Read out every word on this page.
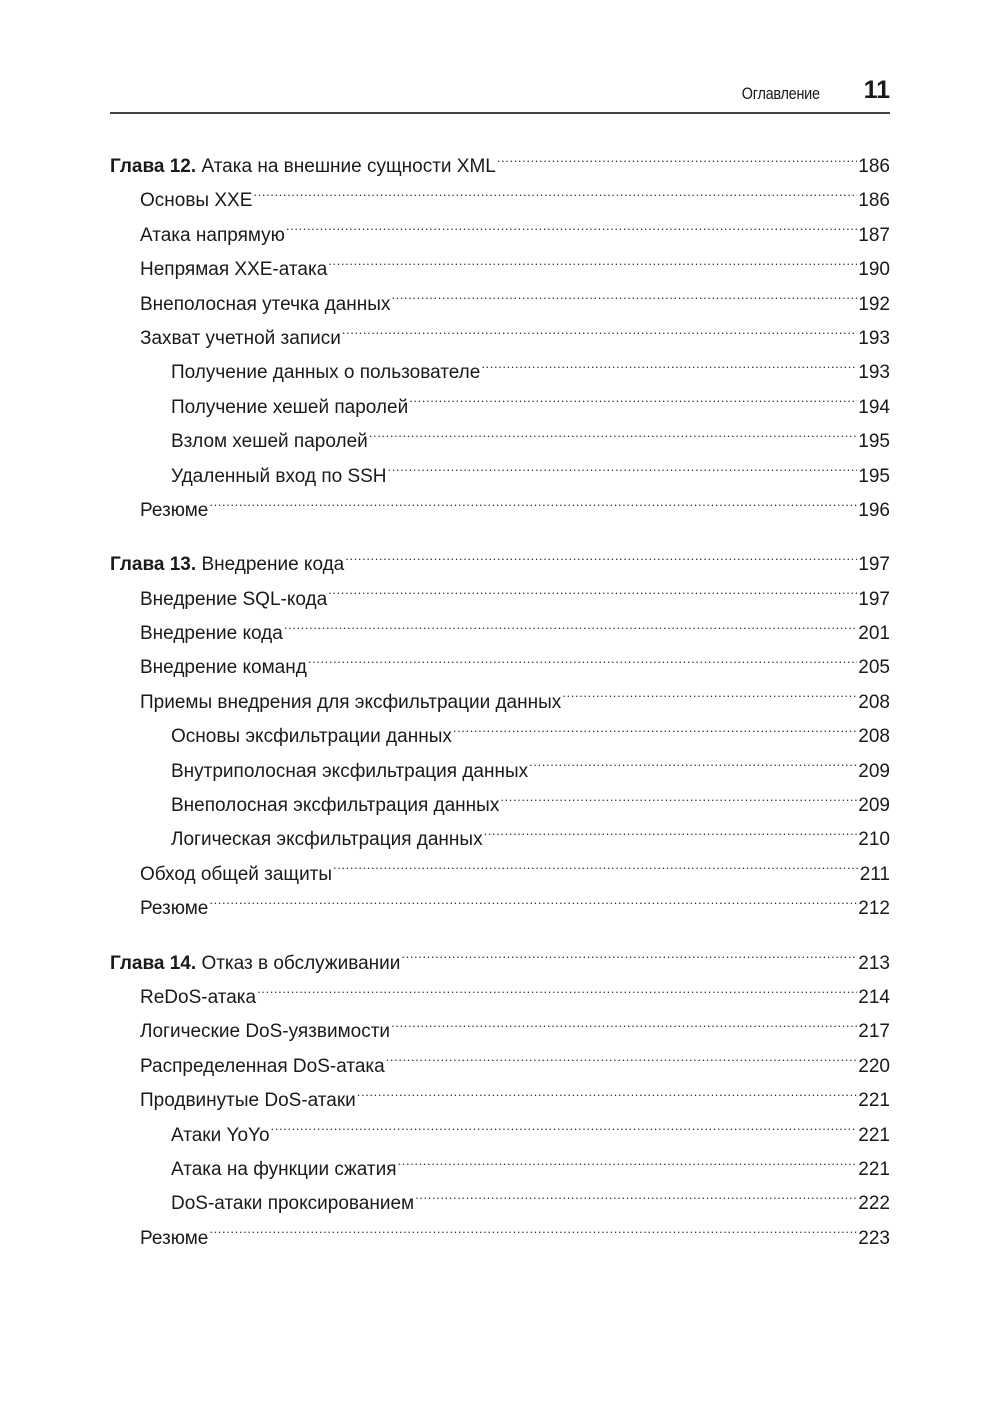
Оглавление 11
Глава 12. Атака на внешние сущности XML .....	186
Основы XXE .....	186
Атака напрямую .....	187
Непрямая XXE-атака .....	190
Внеполосная утечка данных .....	192
Захват учетной записи .....	193
Получение данных о пользователе .....	193
Получение хешей паролей .....	194
Взлом хешей паролей .....	195
Удаленный вход по SSH .....	195
Резюме .....	196
Глава 13. Внедрение кода .....	197
Внедрение SQL-кода .....	197
Внедрение кода .....	201
Внедрение команд .....	205
Приемы внедрения для эксфильтрации данных .....	208
Основы эксфильтрации данных .....	208
Внутриполосная эксфильтрация данных .....	209
Внеполосная эксфильтрация данных .....	209
Логическая эксфильтрация данных .....	210
Обход общей защиты .....	211
Резюме .....	212
Глава 14. Отказ в обслуживании .....	213
ReDoS-атака .....	214
Логические DoS-уязвимости .....	217
Распределенная DoS-атака .....	220
Продвинутые DoS-атаки .....	221
Атаки YoYo .....	221
Атака на функции сжатия .....	221
DoS-атаки проксированием .....	222
Резюме .....	223
